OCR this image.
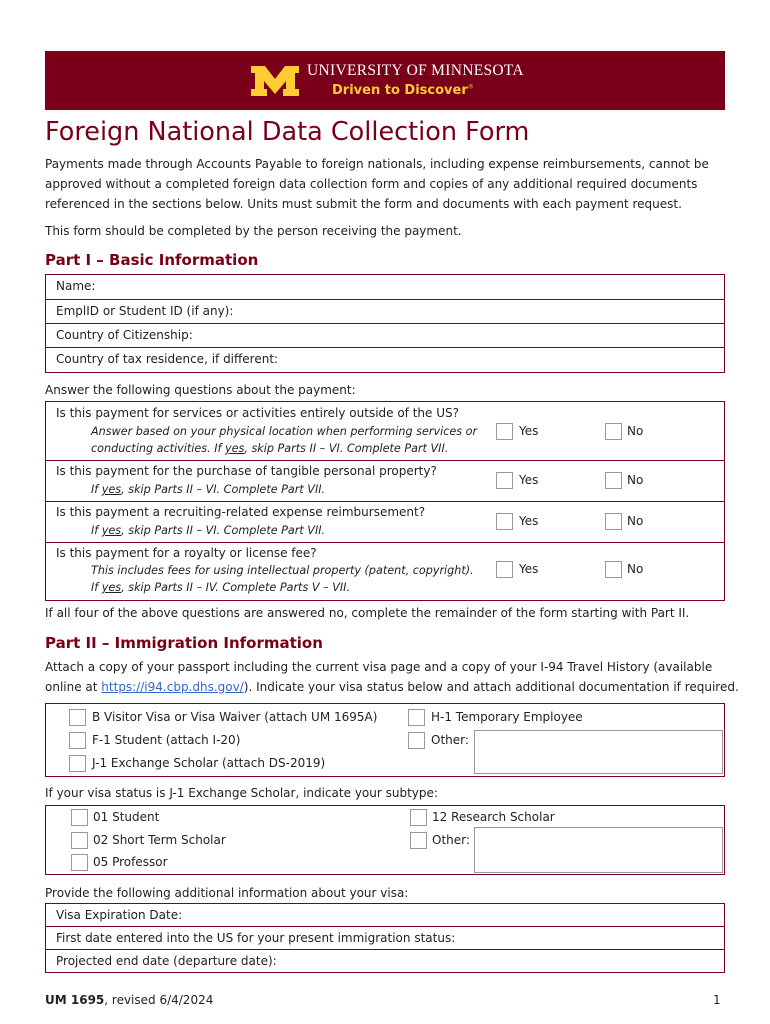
UNIVERSITY OF MINNESOTA
Driven to Discover®
Foreign National Data Collection Form
Payments made through Accounts Payable to foreign nationals, including expense reimbursements, cannot be
approved without a completed foreign data collection form and copies of any additional required documents
referenced in the sections below. Units must submit the form and documents with each payment request.
This form should be completed by the person receiving the payment.
Part I – Basic Information
Name:
EmplID or Student ID (if any):
Country of Citizenship:
Country of tax residence, if different:
Answer the following questions about the payment:
Is this payment for services or activities entirely outside of the US?
Answer based on your physical location when performing services or
conducting activities. If yes, skip Parts II – VI. Complete Part VII.
Yes	No
Is this payment for the purchase of tangible personal property?
If yes, skip Parts II – VI. Complete Part VII.
Yes	No
Is this payment a recruiting-related expense reimbursement?
If yes, skip Parts II – VI. Complete Part VII.
Yes	No
Is this payment for a royalty or license fee?
This includes fees for using intellectual property (patent, copyright).
If yes, skip Parts II – IV. Complete Parts V – VII.
Yes	No
If all four of the above questions are answered no, complete the remainder of the form starting with Part II.
Part II – Immigration Information
Attach a copy of your passport including the current visa page and a copy of your I-94 Travel History (available
online at https://i94.cbp.dhs.gov/). Indicate your visa status below and attach additional documentation if required.
B Visitor Visa or Visa Waiver (attach UM 1695A)
F-1 Student (attach I-20)
J-1 Exchange Scholar (attach DS-2019)
H-1 Temporary Employee
Other:
If your visa status is J-1 Exchange Scholar, indicate your subtype:
01 Student
02 Short Term Scholar
05 Professor
12 Research Scholar
Other:
Provide the following additional information about your visa:
Visa Expiration Date:
First date entered into the US for your present immigration status:
Projected end date (departure date):
UM 1695, revised 6/4/2024	1
